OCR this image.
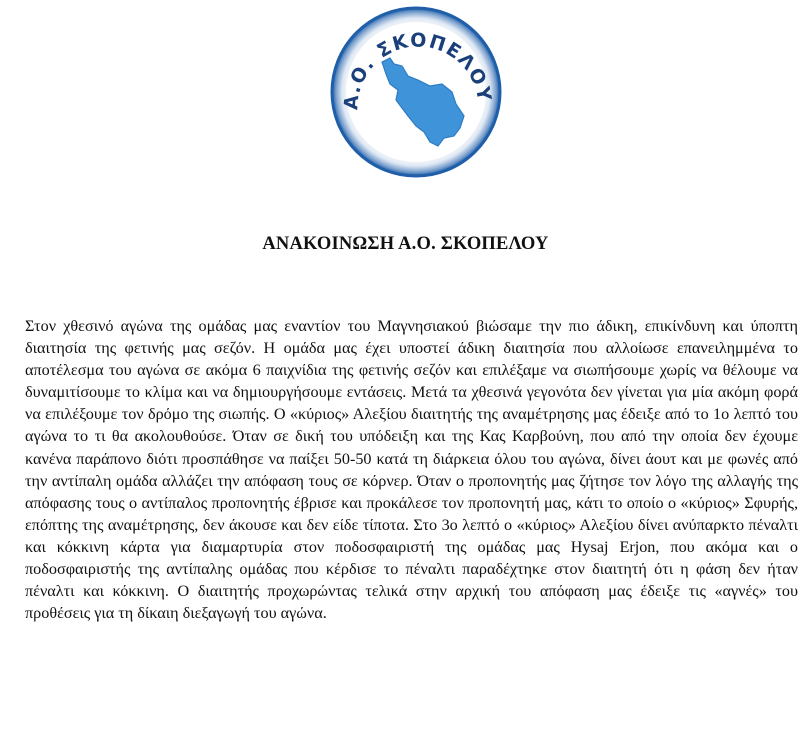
Α.Ο. ΣΚΟΠΕΛΟΥ
ΑΝΑΚΟΙΝΩΣΗ Α.Ο. ΣΚΟΠΕΛΟΥ

Στον χθεσινό αγώνα της ομάδας μας εναντίον του Μαγνησιακού βιώσαμε την πιο άδικη, επικίνδυνη και ύποπτη διαιτησία της φετινής μας σεζόν. Η ομάδα μας έχει υποστεί άδικη διαιτησία που αλλοίωσε επανειλημμένα το αποτέλεσμα του αγώνα σε ακόμα 6 παιχνίδια της φετινής σεζόν και επιλέξαμε να σιωπήσουμε χωρίς να θέλουμε να δυναμιτίσουμε το κλίμα και να δημιουργήσουμε εντάσεις. Μετά τα χθεσινά γεγονότα δεν γίνεται για μία ακόμη φορά να επιλέξουμε τον δρόμο της σιωπής. Ο «κύριος» Αλεξίου διαιτητής της αναμέτρησης μας έδειξε από το 1ο λεπτό του αγώνα το τι θα ακολουθούσε. Όταν σε δική του υπόδειξη και της Κας Καρβούνη, που από την οποία δεν έχουμε κανένα παράπονο διότι προσπάθησε να παίξει 50-50 κατά τη διάρκεια όλου του αγώνα, δίνει άουτ και με φωνές από την αντίπαλη ομάδα αλλάζει την απόφαση τους σε κόρνερ. Όταν ο προπονητής μας ζήτησε τον λόγο της αλλαγής της απόφασης τους ο αντίπαλος προπονητής έβρισε και προκάλεσε τον προπονητή μας, κάτι το οποίο ο «κύριος» Σφυρής, επόπτης της αναμέτρησης, δεν άκουσε και δεν είδε τίποτα. Στο 3ο λεπτό ο «κύριος» Αλεξίου δίνει ανύπαρκτο πέναλτι και κόκκινη κάρτα για διαμαρτυρία στον ποδοσφαιριστή της ομάδας μας Hysaj Erjon, που ακόμα και ο ποδοσφαιριστής της αντίπαλης ομάδας που κέρδισε το πέναλτι παραδέχτηκε στον διαιτητή ότι η φάση δεν ήταν πέναλτι και κόκκινη. Ο διαιτητής προχωρώντας τελικά στην αρχική του απόφαση μας έδειξε τις «αγνές» του προθέσεις για τη δίκαιη διεξαγωγή του αγώνα.
